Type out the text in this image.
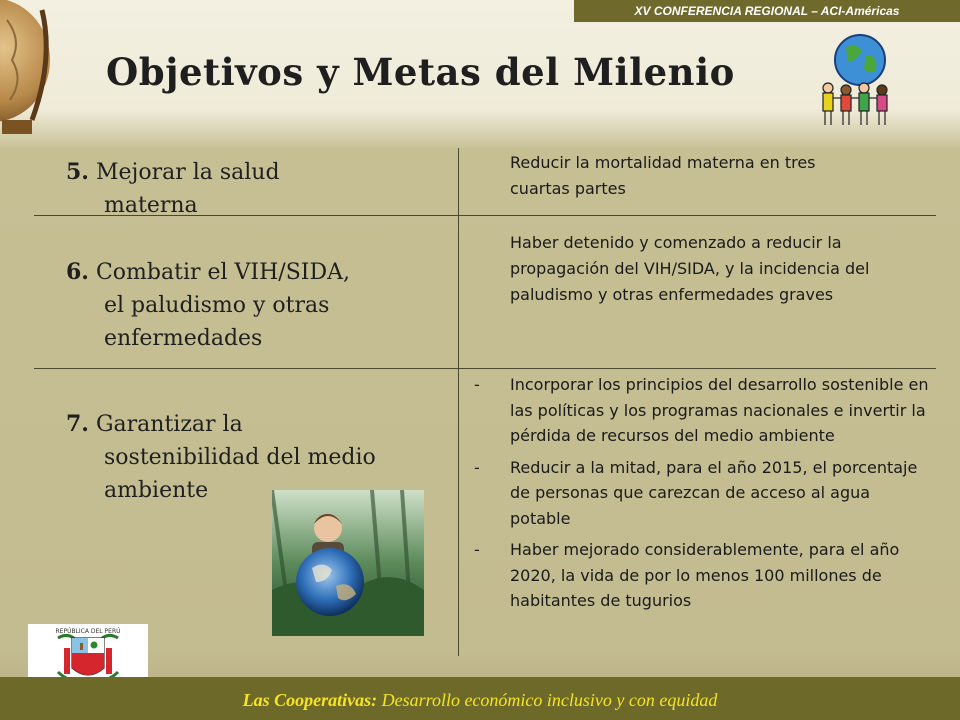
XV CONFERENCIA REGIONAL – ACI-Américas
Objetivos y Metas del Milenio
5. Mejorar la salud
materna
6. Combatir el VIH/SIDA,
el paludismo y otras
enfermedades
7. Garantizar la
sostenibilidad del medio
ambiente
Reducir la mortalidad materna en tres cuartas partes
Haber detenido y comenzado a reducir la propagación del VIH/SIDA, y la incidencia del paludismo y otras enfermedades graves
- Incorporar los principios del desarrollo sostenible en las políticas y los programas nacionales e invertir la pérdida de recursos del medio ambiente
- Reducir a la mitad, para el año 2015, el porcentaje de personas que carezcan de acceso al agua potable
- Haber mejorado considerablemente, para el año 2020, la vida de por lo menos 100 millones de habitantes de tugurios
REPÚBLICA DEL PERÚ
Las Cooperativas: Desarrollo económico inclusivo y con equidad
